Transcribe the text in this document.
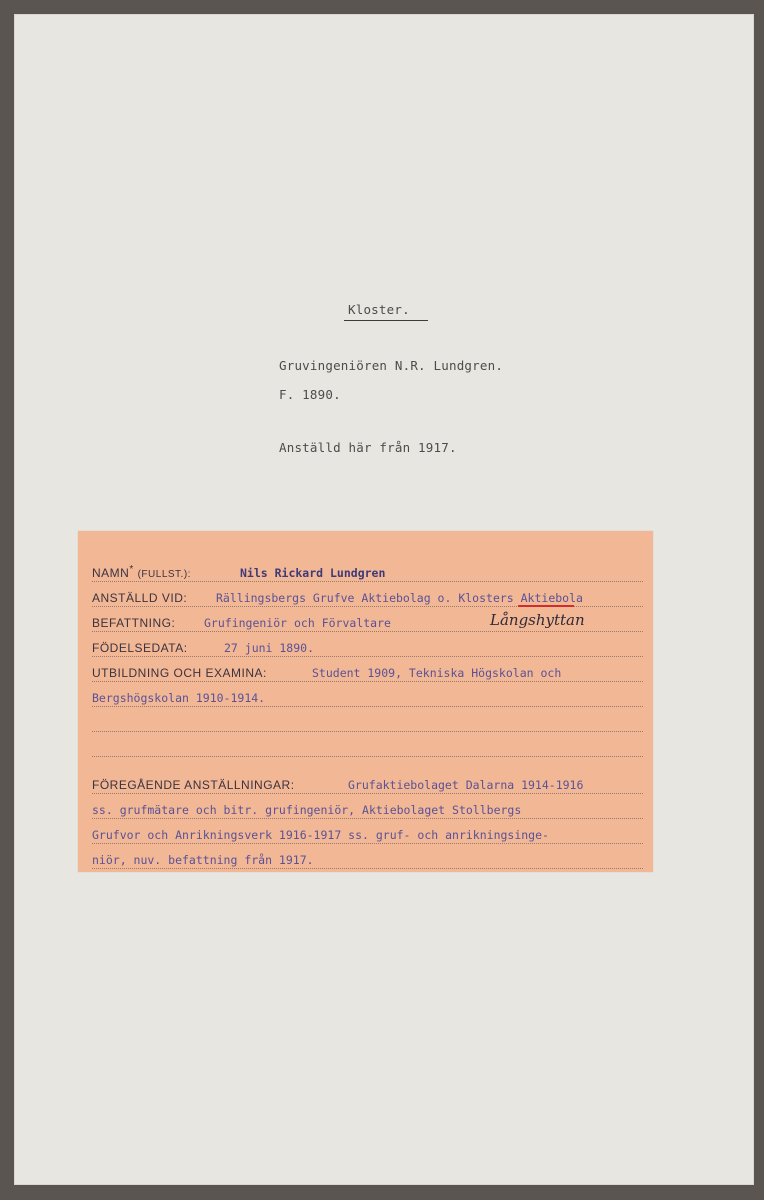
Kloster.
Gruvingeniören N.R. Lundgren.
F. 1890.
Anställd här från 1917.
NAMN* (FULLST.):	Nils Rickard Lundgren
ANSTÄLLD VID:	Rällingsbergs Grufve Aktiebolag o. Klosters Aktiebola
BEFATTNING: Grufingeniör och Förvaltare	Långshyttan
FÖDELSEDATA:	27 juni 1890.
UTBILDNING OCH EXAMINA:	Student 1909, Tekniska Högskolan och
Bergshögskolan 1910-1914.
FÖREGÅENDE ANSTÄLLNINGAR:	Grufaktiebolaget Dalarna 1914-1916
ss. grufmätare och bitr. grufingeniör, Aktiebolaget Stollbergs
Grufvor och Anrikningsverk 1916-1917 ss. gruf- och anrikningsinge-
niör, nuv. befattning från 1917.
